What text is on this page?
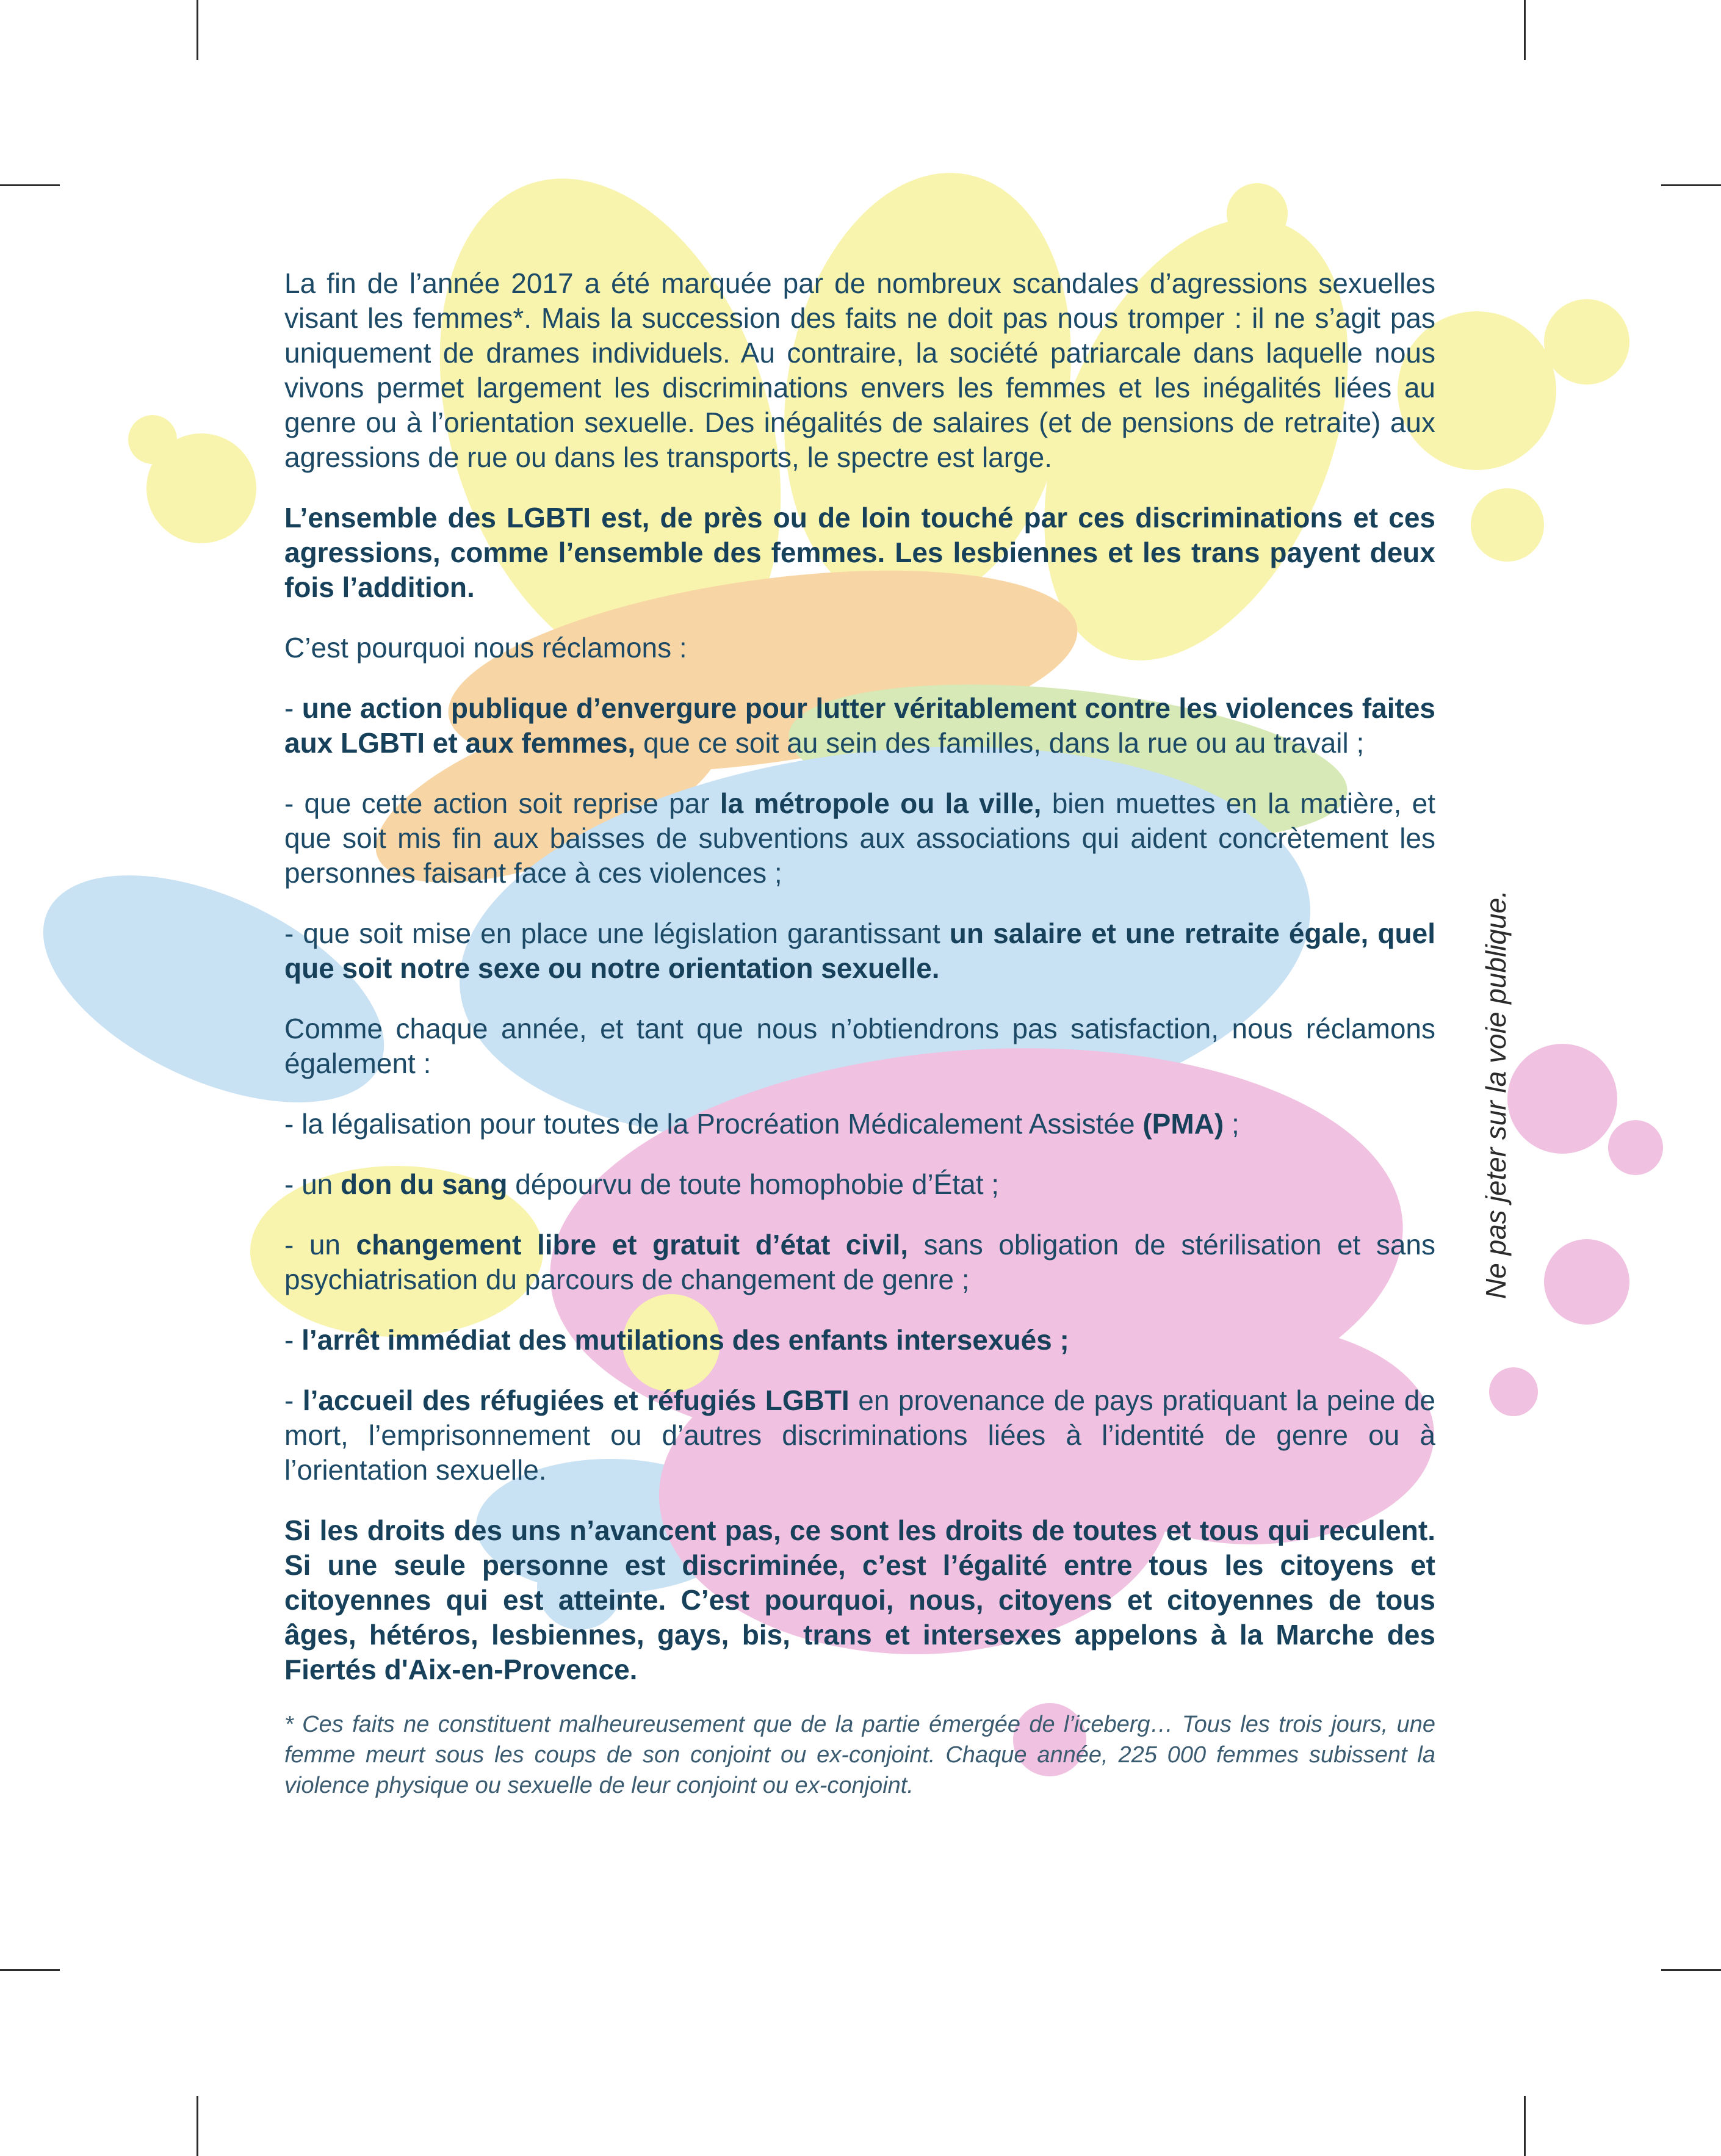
La fin de l’année 2017 a été marquée par de nombreux scandales d’agressions sexuelles visant les femmes*. Mais la succession des faits ne doit pas nous tromper : il ne s’agit pas uniquement de drames individuels. Au contraire, la société patriarcale dans laquelle nous vivons permet largement les discriminations envers les femmes et les inégalités liées au genre ou à l’orientation sexuelle. Des inégalités de salaires (et de pensions de retraite) aux agressions de rue ou dans les transports, le spectre est large.

L’ensemble des LGBTI est, de près ou de loin touché par ces discriminations et ces agressions, comme l’ensemble des femmes. Les lesbiennes et les trans payent deux fois l’addition.

C’est pourquoi nous réclamons :

- une action publique d’envergure pour lutter véritablement contre les violences faites aux LGBTI et aux femmes, que ce soit au sein des familles, dans la rue ou au travail ;

- que cette action soit reprise par la métropole ou la ville, bien muettes en la matière, et que soit mis fin aux baisses de subventions aux associations qui aident concrètement les personnes faisant face à ces violences ;

- que soit mise en place une législation garantissant un salaire et une retraite égale, quel que soit notre sexe ou notre orientation sexuelle.

Comme chaque année, et tant que nous n’obtiendrons pas satisfaction, nous réclamons également :

- la légalisation pour toutes de la Procréation Médicalement Assistée (PMA) ;

- un don du sang dépourvu de toute homophobie d’État ;

- un changement libre et gratuit d’état civil, sans obligation de stérilisation et sans psychiatrisation du parcours de changement de genre ;

- l’arrêt immédiat des mutilations des enfants intersexués ;

- l’accueil des réfugiées et réfugiés LGBTI en provenance de pays pratiquant la peine de mort, l’emprisonnement ou d’autres discriminations liées à l’identité de genre ou à l’orientation sexuelle.

Si les droits des uns n’avancent pas, ce sont les droits de toutes et tous qui reculent. Si une seule personne est discriminée, c’est l’égalité entre tous les citoyens et citoyennes qui est atteinte. C’est pourquoi, nous, citoyens et citoyennes de tous âges, hétéros, lesbiennes, gays, bis, trans et intersexes appelons à la Marche des Fiertés d'Aix-en-Provence.

* Ces faits ne constituent malheureusement que de la partie émergée de l’iceberg… Tous les trois jours, une femme meurt sous les coups de son conjoint ou ex-conjoint. Chaque année, 225 000 femmes subissent la violence physique ou sexuelle de leur conjoint ou ex-conjoint.

Ne pas jeter sur la voie publique.
